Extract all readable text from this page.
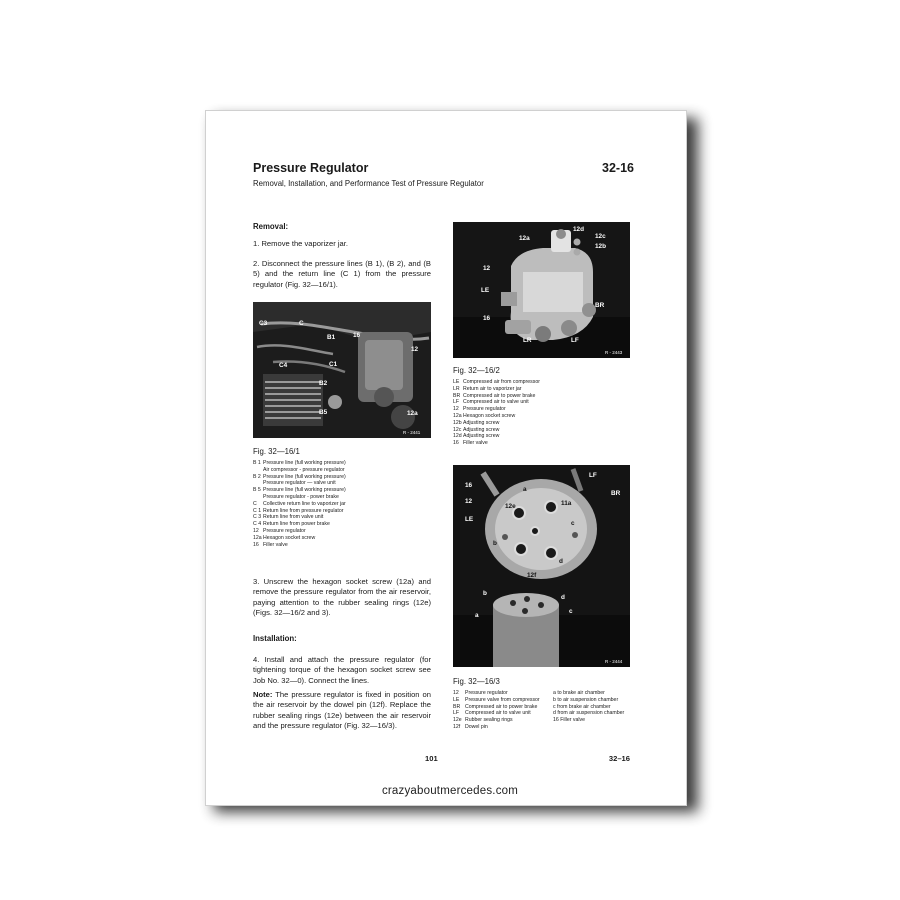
Pressure Regulator	32-16
Removal, Installation, and Performance Test of Pressure Regulator
Removal:
1. Remove the vaporizer jar.
2. Disconnect the pressure lines (B 1), (B 2), and (B 5) and the return line (C 1) from the pressure regulator (Fig. 32—16/1).
C3	C
B1	16
12
C4	C1
B2
B5	12a
R - 2441
Fig. 32—16/1
B 1 Pressure line (full working pressure)
Air compressor - pressure regulator
B 2 Pressure line (full working pressure)
Pressure regulator — valve unit
B 5 Pressure line (full working pressure)
Pressure regulator - power brake
C	Collective return line to vaporizer jar
C 1 Return line from pressure regulator
C 3 Return line from valve unit
C 4 Return line from power brake
12 Pressure regulator
12a Hexagon socket screw
16 Filler valve
3. Unscrew the hexagon socket screw (12a) and remove the pressure regulator from the air reservoir, paying attention to the rubber sealing rings (12e) (Figs. 32—16/2 and 3).
Installation:
4. Install and attach the pressure regulator (for tightening torque of the hexagon socket screw see Job No. 32—0). Connect the lines.
Note: The pressure regulator is fixed in position on the air reservoir by the dowel pin (12f). Replace the rubber sealing rings (12e) between the air reservoir and the pressure regulator (Fig. 32—16/3).
12d
12a	12c
12b
12
LE
BR
16
LR	LF
R - 2443
Fig. 32—16/2
LE Compressed air from compressor
LR Return air to vaporizer jar
BR Compressed air to power brake
LF Compressed air to valve unit
12 Pressure regulator
12a Hexagon socket screw
12b Adjusting screw
12c Adjusting screw
12d Adjusting screw
16 Filler valve
16
LF
12
a
11a
BR
LE
12e
c
b
d
12f
b
d
a
c
R - 2444
Fig. 32—16/3
12	Pressure regulator
LE	Pressure valve from compressor
BR Compressed air to power brake
LF	Compressed air to valve unit
12e Rubber sealing rings
12f Dowel pin
a to brake air chamber
b to air suspension chamber
c from brake air chamber
d from air suspension chamber
16 Filler valve
101	32–16
crazyaboutmercedes.com
